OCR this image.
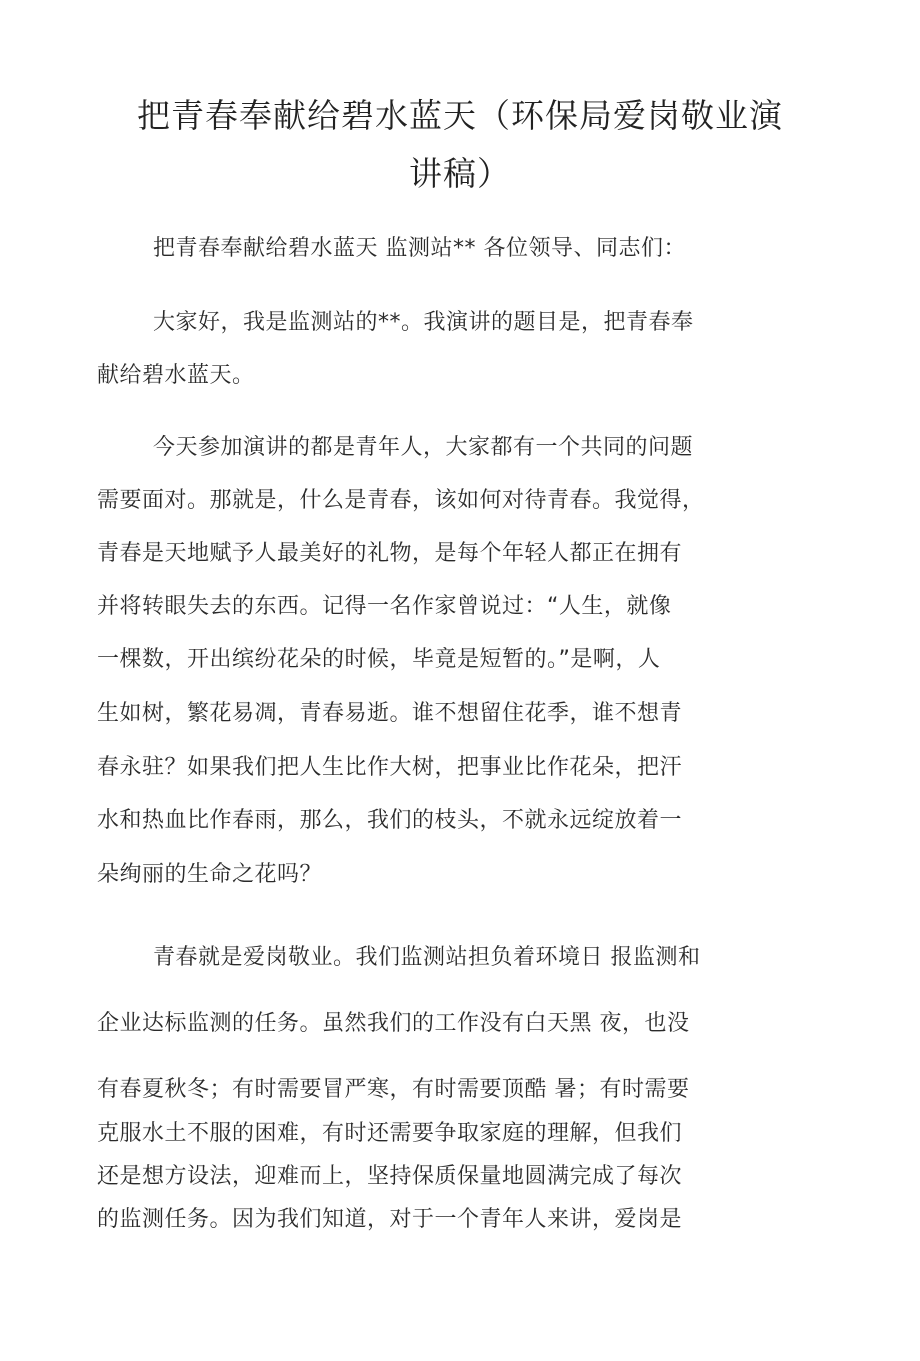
把青春奉献给碧水蓝天（环保局爱岗敬业演
讲稿）
把青春奉献给碧水蓝天 监测站** 各位领导、同志们：
大家好，我是监测站的**。我演讲的题目是，把青春奉
献给碧水蓝天。
今天参加演讲的都是青年人，大家都有一个共同的问题
需要面对。那就是，什么是青春，该如何对待青春。我觉得，
青春是天地赋予人最美好的礼物，是每个年轻人都正在拥有
并将转眼失去的东西。记得一名作家曾说过：“人生，就像
一棵数，开出缤纷花朵的时候，毕竟是短暂的。”是啊，人
生如树，繁花易凋，青春易逝。谁不想留住花季，谁不想青
春永驻？如果我们把人生比作大树，把事业比作花朵，把汗
水和热血比作春雨，那么，我们的枝头，不就永远绽放着一
朵绚丽的生命之花吗？
青春就是爱岗敬业。我们监测站担负着环境日 报监测和
企业达标监测的任务。虽然我们的工作没有白天黑 夜，也没
有春夏秋冬；有时需要冒严寒，有时需要顶酷 暑；有时需要
克服水土不服的困难，有时还需要争取家庭的理解，但我们
还是想方设法，迎难而上，坚持保质保量地圆满完成了每次
的监测任务。因为我们知道，对于一个青年人来讲，爱岗是
